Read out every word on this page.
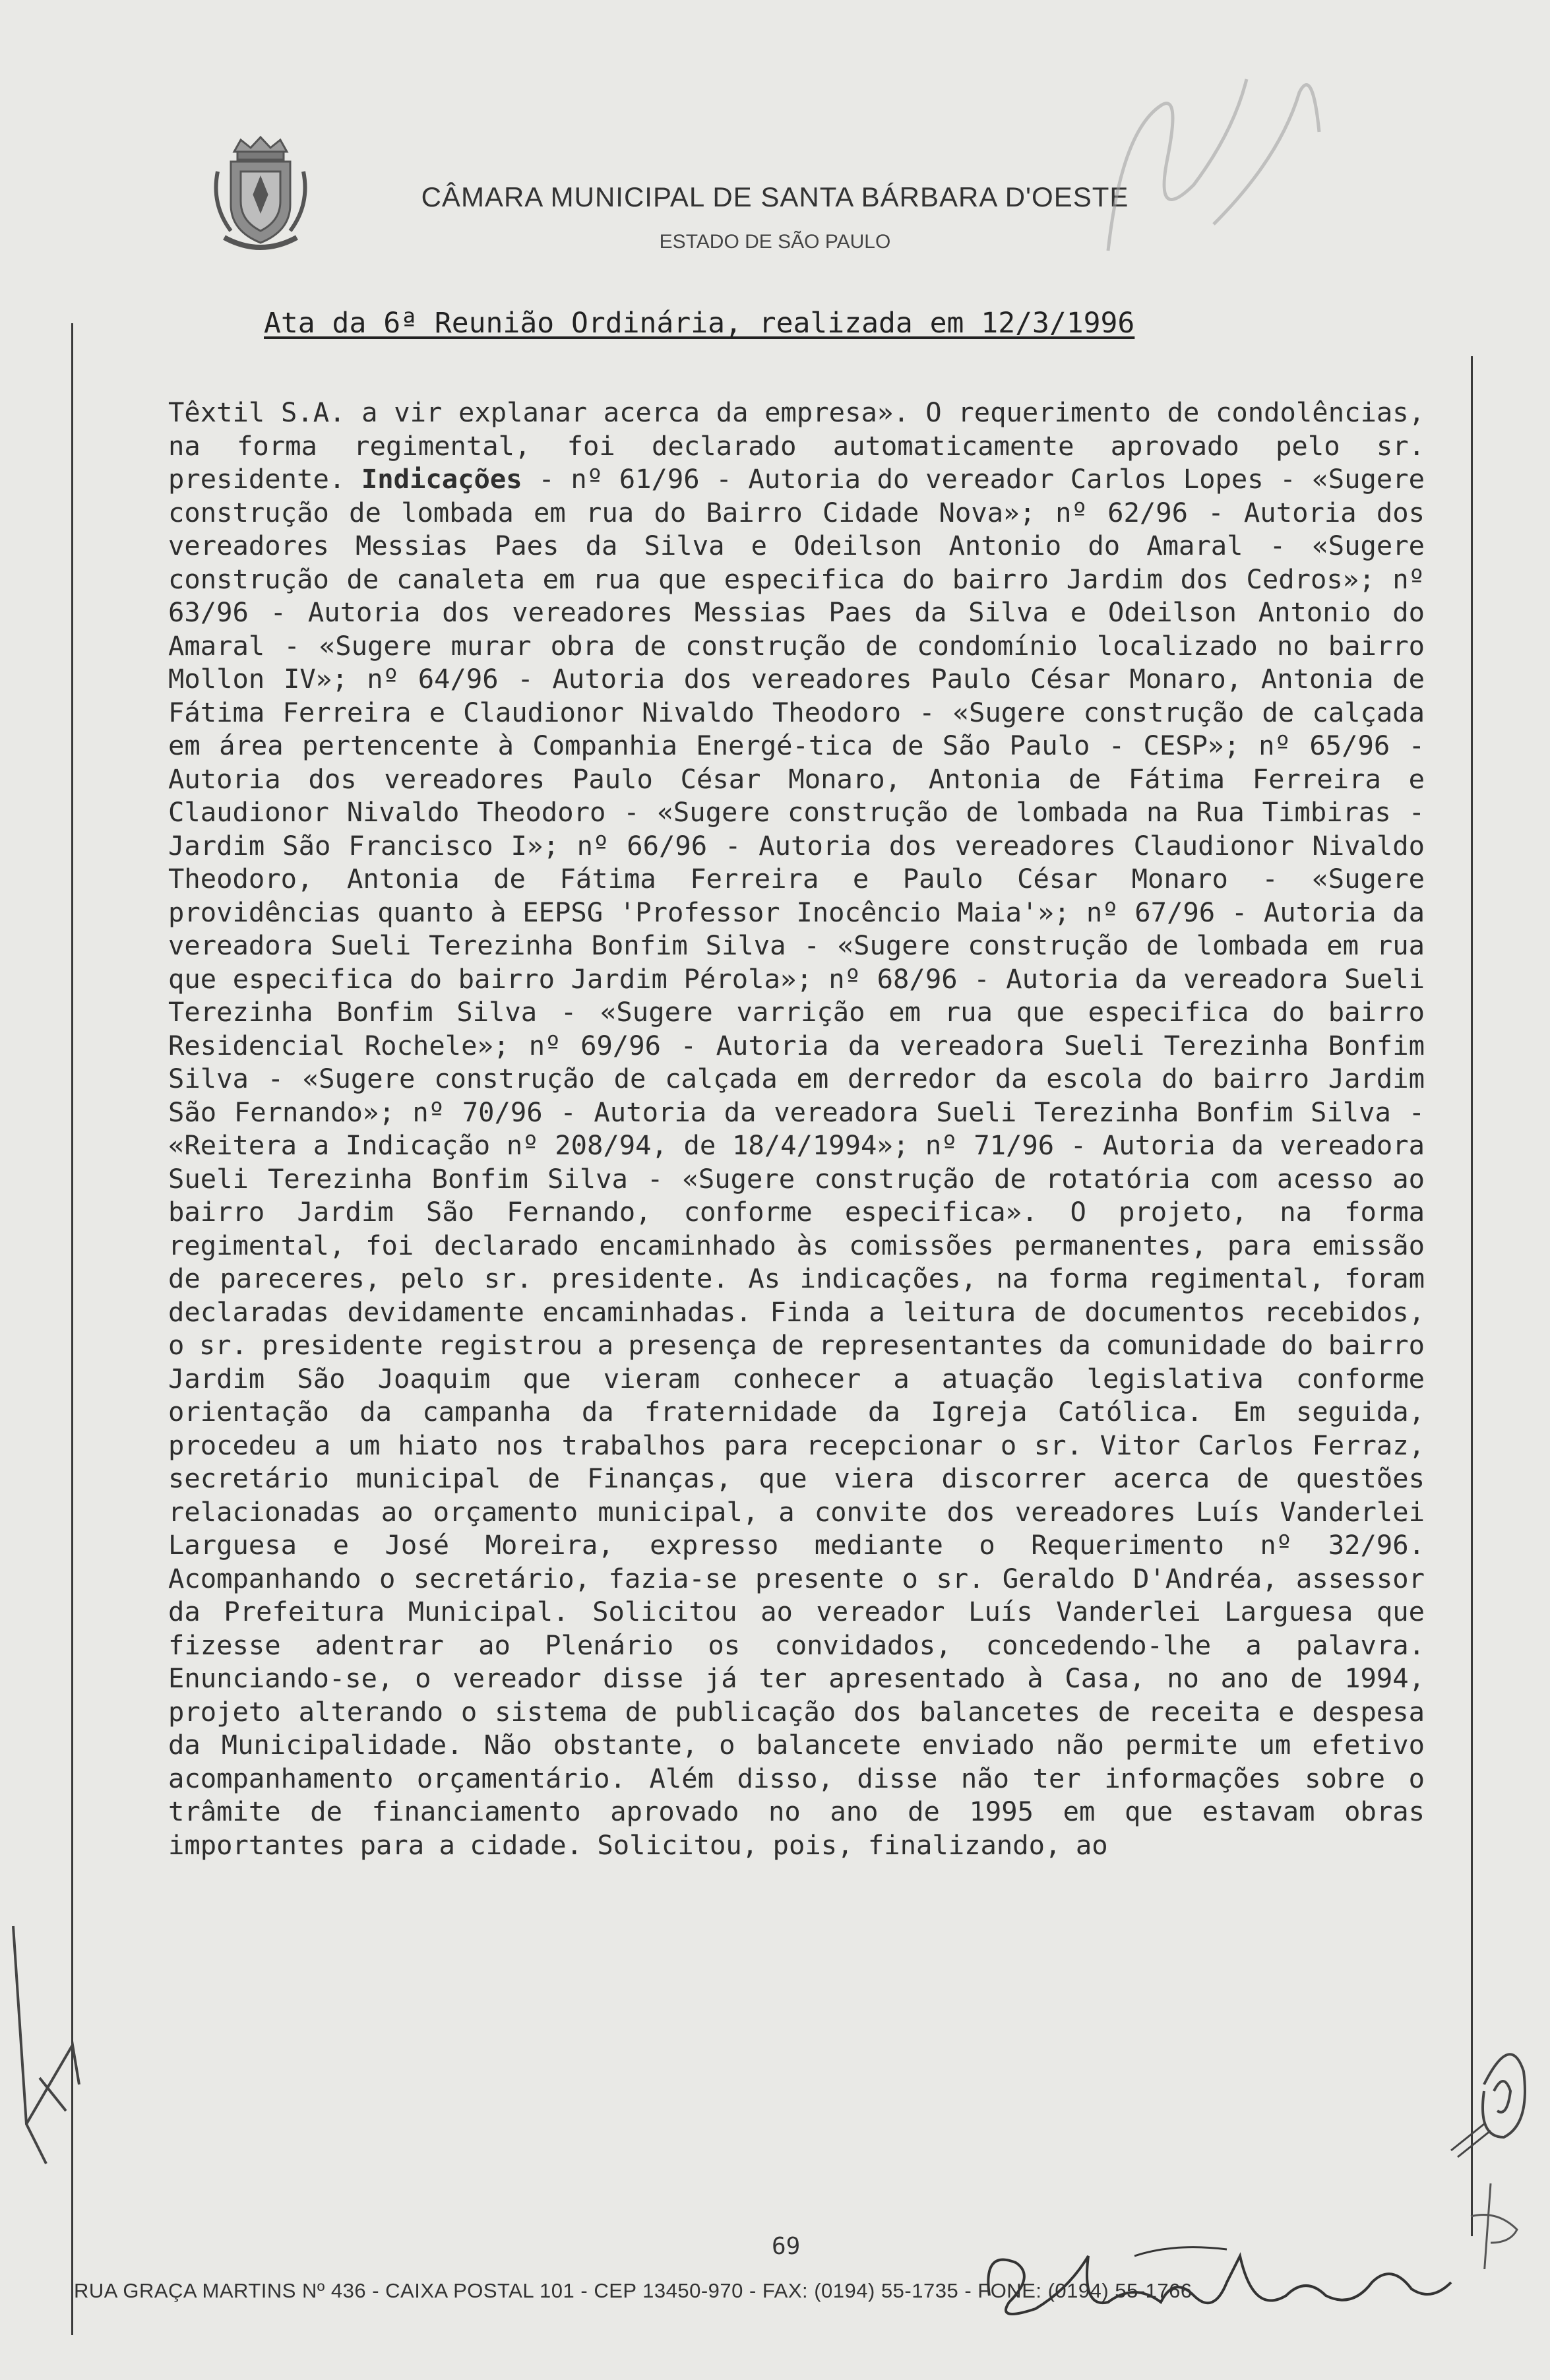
CÂMARA MUNICIPAL DE SANTA BÁRBARA D'OESTE
ESTADO DE SÃO PAULO
Ata da 6ª Reunião Ordinária, realizada em 12/3/1996

Têxtil S.A. a vir explanar acerca da empresa». O requerimento de condolências, na forma regimental, foi declarado automaticamente aprovado pelo sr. presidente. Indicações - nº 61/96 - Autoria do vereador Carlos Lopes - «Sugere construção de lombada em rua do Bairro Cidade Nova»; nº 62/96 - Autoria dos vereadores Messias Paes da Silva e Odeilson Antonio do Amaral - «Sugere construção de canaleta em rua que especifica do bairro Jardim dos Cedros»; nº 63/96 - Autoria dos vereadores Messias Paes da Silva e Odeilson Antonio do Amaral - «Sugere murar obra de construção de condomínio localizado no bairro Mollon IV»; nº 64/96 - Autoria dos vereadores Paulo César Monaro, Antonia de Fátima Ferreira e Claudionor Nivaldo Theodoro - «Sugere construção de calçada em área pertencente à Companhia Energé-tica de São Paulo - CESP»; nº 65/96 - Autoria dos vereadores Paulo César Monaro, Antonia de Fátima Ferreira e Claudionor Nivaldo Theodoro - «Sugere construção de lombada na Rua Timbiras - Jardim São Francisco I»; nº 66/96 - Autoria dos vereadores Claudionor Nivaldo Theodoro, Antonia de Fátima Ferreira e Paulo César Monaro - «Sugere providências quanto à EEPSG 'Professor Inocêncio Maia'»; nº 67/96 - Autoria da vereadora Sueli Terezinha Bonfim Silva - «Sugere construção de lombada em rua que especifica do bairro Jardim Pérola»; nº 68/96 - Autoria da vereadora Sueli Terezinha Bonfim Silva - «Sugere varrição em rua que especifica do bairro Residencial Rochele»; nº 69/96 - Autoria da vereadora Sueli Terezinha Bonfim Silva - «Sugere construção de calçada em derredor da escola do bairro Jardim São Fernando»; nº 70/96 - Autoria da vereadora Sueli Terezinha Bonfim Silva - «Reitera a Indicação nº 208/94, de 18/4/1994»; nº 71/96 - Autoria da vereadora Sueli Terezinha Bonfim Silva - «Sugere construção de rotatória com acesso ao bairro Jardim São Fernando, conforme especifica». O projeto, na forma regimental, foi declarado encaminhado às comissões permanentes, para emissão de pareceres, pelo sr. presidente. As indicações, na forma regimental, foram declaradas devidamente encaminhadas. Finda a leitura de documentos recebidos, o sr. presidente registrou a presença de representantes da comunidade do bairro Jardim São Joaquim que vieram conhecer a atuação legislativa conforme orientação da campanha da fraternidade da Igreja Católica. Em seguida, procedeu a um hiato nos trabalhos para recepcionar o sr. Vitor Carlos Ferraz, secretário municipal de Finanças, que viera discorrer acerca de questões relacionadas ao orçamento municipal, a convite dos vereadores Luís Vanderlei Larguesa e José Moreira, expresso mediante o Requerimento nº 32/96. Acompanhando o secretário, fazia-se presente o sr. Geraldo D'Andréa, assessor da Prefeitura Municipal. Solicitou ao vereador Luís Vanderlei Larguesa que fizesse adentrar ao Plenário os convidados, concedendo-lhe a palavra. Enunciando-se, o vereador disse já ter apresentado à Casa, no ano de 1994, projeto alterando o sistema de publicação dos balancetes de receita e despesa da Municipalidade. Não obstante, o balancete enviado não permite um efetivo acompanhamento orçamentário. Além disso, disse não ter informações sobre o trâmite de financiamento aprovado no ano de 1995 em que estavam obras importantes para a cidade. Solicitou, pois, finalizando, ao

69
RUA GRAÇA MARTINS Nº 436 - CAIXA POSTAL 101 - CEP 13450-970 - FAX: (0194) 55-1735 - FONE: (0194) 55-1766
